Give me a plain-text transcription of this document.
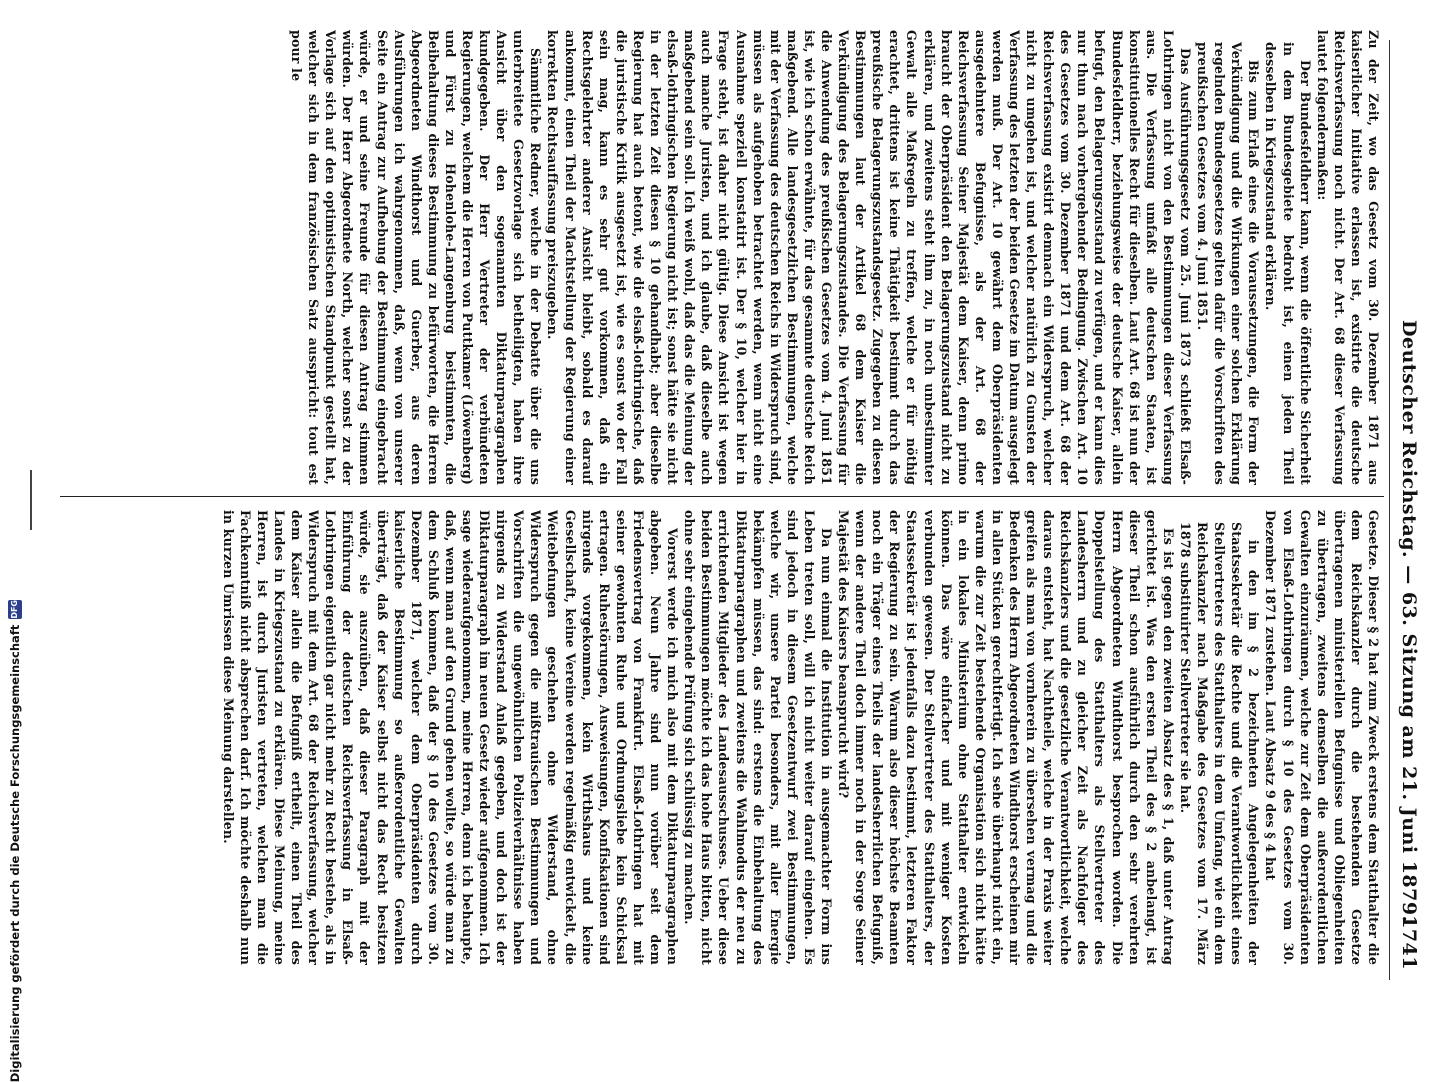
Deutscher Reichstag. — 63. Sitzung am 21. Juni 1879.
1741

Zu der Zeit, wo das Gesetz vom 30. Dezember 1871 aus kaiserlicher Initiative erlassen ist, existirte die deutsche Reichsverfassung noch nicht. Der Art. 68 dieser Verfassung lautet folgendermaßen:

Der Bundesfeldherr kann, wenn die öffentliche Sicherheit in dem Bundesgebiete bedroht ist, einen jeden Theil desselben in Kriegszustand erklären.

Bis zum Erlaß eines die Voraussetzungen, die Form der Verkündigung und die Wirkungen einer solchen Erklärung regelnden Bundesgesetzes gelten dafür die Vorschriften des preußischen Gesetzes vom 4. Juni 1851.

Das Ausführungsgesetz vom 25. Juni 1873 schließt Elsaß-Lothringen nicht von den Bestimmungen dieser Verfassung aus. Die Verfassung umfaßt alle deutschen Staaten, ist konstitutionelles Recht für dieselben. Laut Art. 68 ist nun der Bundesfeldherr, beziehungsweise der deutsche Kaiser, allein befugt, den Belagerungszustand zu verfügen, und er kann dies nur thun nach vorhergehender Bedingung. Zwischen Art. 10 des Gesetzes vom 30. Dezember 1871 und dem Art. 68 der Reichsverfassung existirt demnach ein Widerspruch, welcher nicht zu umgehen ist, und welcher natürlich zu Gunsten der Verfassung des letzten der beiden Gesetze im Datum ausgelegt werden muß. Der Art. 10 gewährt dem Oberpräsidenten ausgedehntere Befugnisse, als der Art. 68 der Reichsverfassung Seiner Majestät dem Kaiser, denn primo braucht der Oberpräsident den Belagerungszustand nicht zu erklären, und zweitens steht ihm zu, in noch unbestimmter Gewalt alle Maßregeln zu treffen, welche er für nöthig erachtet, drittens ist keine Thätigkeit bestimmt durch das preußische Belagerungszustandsgesetz. Zugegeben zu diesen Bestimmungen laut der Artikel 68 dem Kaiser die Verkündigung des Belagerungszustandes. Die Verfassung für die Anwendung des preußischen Gesetzes vom 4. Juni 1851 ist, wie ich schon erwähnte, für das gesammte deutsche Reich maßgebend. Alle landesgesetzlichen Bestimmungen, welche mit der Verfassung des deutschen Reichs in Widerspruch sind, müssen als aufgehoben betrachtet werden, wenn nicht eine Ausnahme speziell konstatirt ist. Der § 10, welcher hier in Frage steht, ist daher nicht gültig. Diese Ansicht ist wegen auch manche Juristen, und ich glaube, daß dieselbe auch maßgebend sein soll. Ich weiß wohl, daß das die Meinung der elsaß-lothringischen Regierung nicht ist; sonst hätte sie nicht in der letzten Zeit diesen § 10 gehandhabt; aber dieselbe Regierung hat auch betont, wie die elsaß-lothringische, daß die juristische Kritik ausgesetzt ist, wie es sonst wo der Fall sein mag, kann es sehr gut vorkommen, daß ein Rechtsgelehrter anderer Ansicht bleibt, sobald es darauf ankommt, einen Theil der Machtstellung der Regierung einer korrekten Rechtsauffassung preiszugeben.

Sämmtliche Redner, welche in der Debatte über die uns unterbreitete Gesetzvorlage sich betheiligten, haben ihre Ansicht über den sogenannten Diktaturparagraphen kundgegeben. Der Herr Vertreter der verbündeten Regierungen, welchem die Herren von Puttkamer (Löwenberg) und Fürst zu Hohenlohe-Langenburg beistimmten, die Beibehaltung dieses Bestimmung zu befürworten, die Herren Abgeordneten Windthorst und Guerber, aus deren Ausführungen ich wahrgenommen, daß, wenn von unserer Seite ein Antrag zur Aufhebung der Bestimmung eingebracht würde, er und seine Freunde für diesen Antrag stimmen würden. Der Herr Abgeordnete North, welcher sonst zu der Vorlage sich auf den optimistischen Standpunkt gestellt hat, welcher sich in dem französischen Satz ausspricht: tout est pour le

Gesetze. Dieser § 2 hat zum Zweck erstens dem Statthalter die dem Reichskanzler durch die bestehenden Gesetze übertragenen ministeriellen Befugnisse und Obliegenheiten zu übertragen, zweitens demselben die außerordentlichen Gewalten einzuräumen, welche zur Zeit dem Oberpräsidenten von Elsaß-Lothringen durch § 10 des Gesetzes vom 30. Dezember 1871 zustehen. Laut Absatz 9 des § 4 hat

in den im § 2 bezeichneten Angelegenheiten der Staatssekretär die Rechte und die Verantwortlichkeit eines Stellvertreters des Statthalters in dem Umfang, wie ein dem Reichskanzler nach Maßgabe des Gesetzes vom 17. März 1878 substituirter Stellvertreter sie hat.

Es ist gegen den zweiten Absatz des § 1, daß unter Antrag gerichtet ist. Was den ersten Theil des § 2 anbelangt, ist dieser Theil schon ausführlich durch den sehr verehrten Herrn Abgeordneten Windthorst besprochen worden. Die Doppelstellung des Statthalters als Stellvertreter des Landesherrn und zu gleicher Zeit als Nachfolger des Reichskanzlers und die gesetzliche Verantwortlichkeit, welche daraus entsteht, hat Nachtheile, welche in der Praxis weiter greifen als man von vornherein zu übersehen vermag und die Bedenken des Herrn Abgeordneten Windthorst erscheinen mir in allen Stücken gerechtfertigt. Ich sehe überhaupt nicht ein, warum die zur Zeit bestehende Organisation sich nicht hätte in ein lokales Ministerium ohne Statthalter entwickeln können. Das wäre einfacher und mit weniger Kosten verbunden gewesen. Der Stellvertreter des Statthalters, der Staatssekretär ist jedenfalls dazu bestimmt, letzteren Faktor der Regierung zu sein. Warum also dieser höchste Beamten noch ein Träger eines Theils der landesherrlichen Befugniß, wenn der andere Theil doch immer noch in der Sorge Seiner Majestät des Kaisers beansprucht wird?

Da nun einmal die Institution in ausgemachter Form ins Leben treten soll, will ich nicht weiter darauf eingehen. Es sind jedoch in diesem Gesetzentwurf zwei Bestimmungen, welche wir, unsere Partei besonders, mit aller Energie bekämpfen müssen, das sind: erstens die Einbehaltung des Diktaturparagraphen und zweitens die Wahlmodus der neu zu errichtenden Mitglieder des Landesausschusses. Ueber diese beiden Bestimmungen möchte ich das hohe Haus bitten, nicht ohne sehr eingehende Prüfung sich schlüssig zu machen.

Vorerst werde ich mich also mit dem Diktaturparagraphen abgeben. Neun Jahre sind nun vorüber seit dem Friedensvertrag von Frankfurt. Elsaß-Lothringen hat mit seiner gewohnten Ruhe und Ordnungsliebe kein Schicksal ertragen. Ruhestörungen, Ausweisungen, Konfiskationen sind nirgends vorgekommen, kein Wirthshaus und keine Gesellschaft, keine Vereine werden regelmäßig entwickelt, die Weitebefungen geschehen ohne Widerstand, ohne Widerspruch gegen die mißtrauischen Bestimmungen und Vorschriften die ungewöhnlichen Polizeiverhältnisse haben nirgends zu Widerstand Anlaß gegeben, und doch ist der Diktaturparagraph im neuen Gesetz wieder aufgenommen. Ich sage wiederaufgenommen, meine Herren, denn ich behaupte, daß, wenn man auf den Grund gehen wollte, so würde man zu dem Schluß kommen, daß der § 10 des Gesetzes vom 30. Dezember 1871, welcher dem Oberpräsidenten durch kaiserliche Bestimmung so außerordentliche Gewalten überträgt, daß der Kaiser selbst nicht das Recht besitzen würde, sie auszuüben, daß dieser Paragraph mit der Einführung der deutschen Reichsverfassung in Elsaß-Lothringen eigentlich gar nicht mehr zu Recht bestehe, als in Widerspruch mit dem Art. 68 der Reichsverfassung, welcher dem Kaiser allein die Befugniß ertheilt, einen Theil des Landes in Kriegszustand zu erklären. Diese Meinung, meine Herren, ist durch Juristen vertreten, welchen man die Fachkenntniß nicht absprechen darf. Ich möchte deshalb nun in kurzen Umrissen diese Meinung darstellen.

Digitalisierung gefördert durch die Deutsche Forschungsgemeinschaft
DFG
